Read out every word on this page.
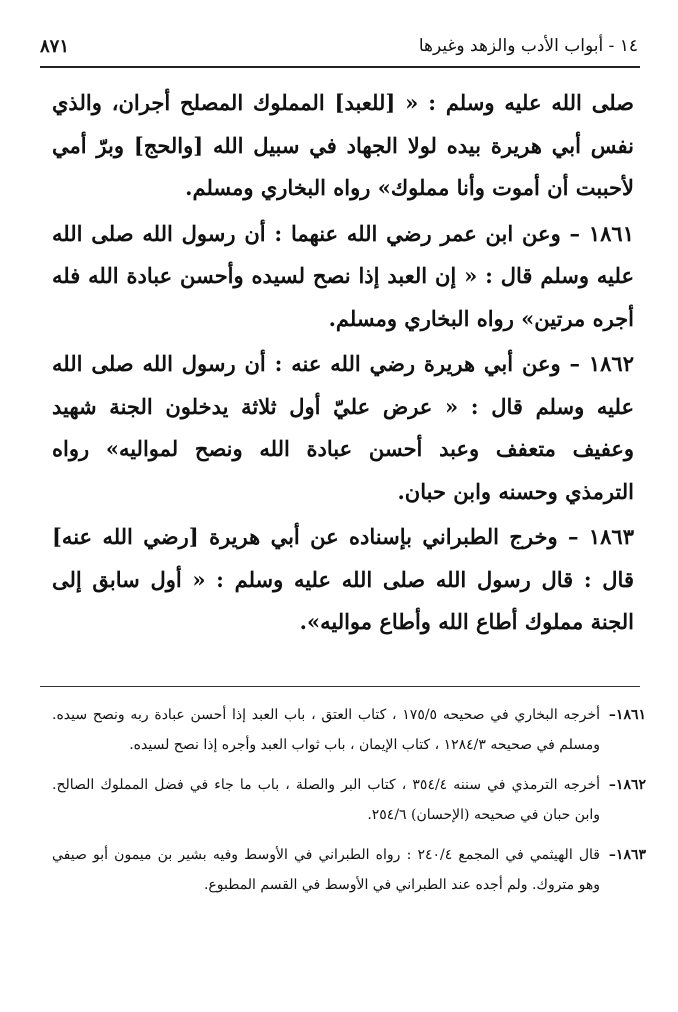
١٤ - أبواب الأدب والزهد وغيرها
٨٧١

صلى الله عليه وسلم : « [للعبد] المملوك المصلح أجران، والذي نفس أبي هريرة بيده لولا الجهاد في سبيل الله [والحج] وبرّ أمي لأحببت أن أموت وأنا مملوك» رواه البخاري ومسلم.

١٨٦١ – وعن ابن عمر رضي الله عنهما : أن رسول الله صلى الله عليه وسلم قال : « إن العبد إذا نصح لسيده وأحسن عبادة الله فله أجره مرتين» رواه البخاري ومسلم.

١٨٦٢ – وعن أبي هريرة رضي الله عنه : أن رسول الله صلى الله عليه وسلم قال : « عرض عليّ أول ثلاثة يدخلون الجنة شهيد وعفيف متعفف وعبد أحسن عبادة الله ونصح لمواليه» رواه الترمذي وحسنه وابن حبان.

١٨٦٣ – وخرج الطبراني بإسناده عن أبي هريرة [رضي الله عنه] قال : قال رسول الله صلى الله عليه وسلم : « أول سابق إلى الجنة مملوك أطاع الله وأطاع مواليه».

١٨٦١–
أخرجه البخاري في صحيحه ١٧٥/٥ ، كتاب العتق ، باب العبد إذا أحسن عبادة ربه ونصح سيده. ومسلم في صحيحه ١٢٨٤/٣ ، كتاب الإيمان ، باب ثواب العبد وأجره إذا نصح لسيده.
١٨٦٢–
أخرجه الترمذي في سننه ٣٥٤/٤ ، كتاب البر والصلة ، باب ما جاء في فضل المملوك الصالح. وابن حبان في صحيحه (الإحسان) ٢٥٤/٦.
١٨٦٣–
قال الهيثمي في المجمع ٢٤٠/٤ : رواه الطبراني في الأوسط وفيه بشير بن ميمون أبو صيفي وهو متروك. ولم أجده عند الطبراني في الأوسط في القسم المطبوع.
